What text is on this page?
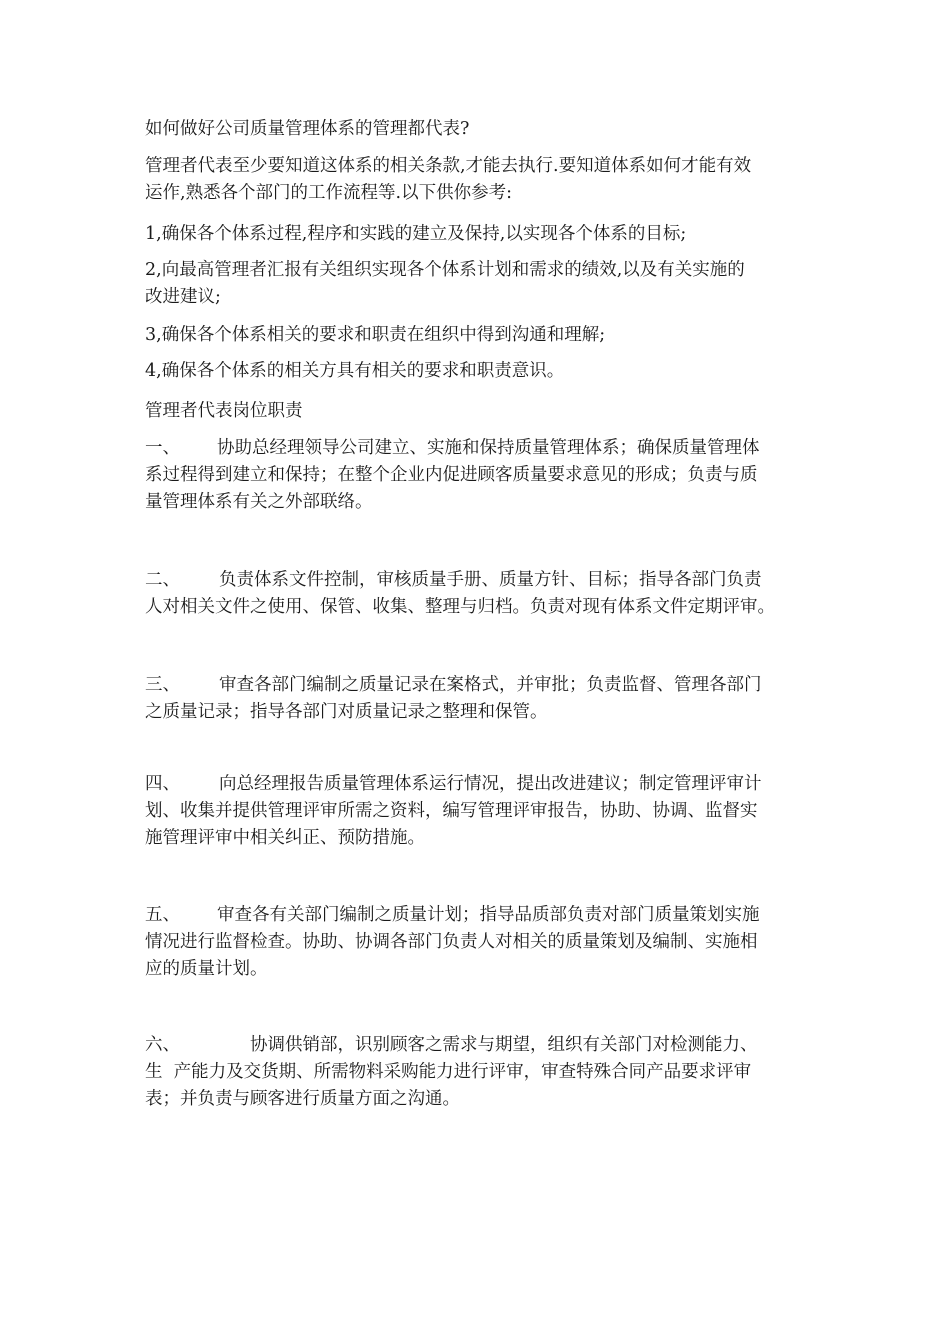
如何做好公司质量管理体系的管理都代表?
管理者代表至少要知道这体系的相关条款,才能去执行.要知道体系如何才能有效
运作,熟悉各个部门的工作流程等.以下供你参考:
1,确保各个体系过程,程序和实践的建立及保持,以实现各个体系的目标;
2,向最高管理者汇报有关组织实现各个体系计划和需求的绩效,以及有关实施的
改进建议;
3,确保各个体系相关的要求和职责在组织中得到沟通和理解;
4,确保各个体系的相关方具有相关的要求和职责意识。
管理者代表岗位职责
一、	协助总经理领导公司建立、实施和保持质量管理体系；确保质量管理体
系过程得到建立和保持；在整个企业内促进顾客质量要求意见的形成；负责与质
量管理体系有关之外部联络。
二、	负责体系文件控制，审核质量手册、质量方针、目标；指导各部门负责
人对相关文件之使用、保管、收集、整理与归档。负责对现有体系文件定期评审。
三、	审查各部门编制之质量记录在案格式，并审批；负责监督、管理各部门
之质量记录；指导各部门对质量记录之整理和保管。
四、	向总经理报告质量管理体系运行情况，提出改进建议；制定管理评审计
划、收集并提供管理评审所需之资料，编写管理评审报告，协助、协调、监督实
施管理评审中相关纠正、预防措施。
五、	审查各有关部门编制之质量计划；指导品质部负责对部门质量策划实施
情况进行监督检查。协助、协调各部门负责人对相关的质量策划及编制、实施相
应的质量计划。
六、	协调供销部，识别顾客之需求与期望，组织有关部门对检测能力、
生  产能力及交货期、所需物料采购能力进行评审，审查特殊合同产品要求评审
表；并负责与顾客进行质量方面之沟通。
